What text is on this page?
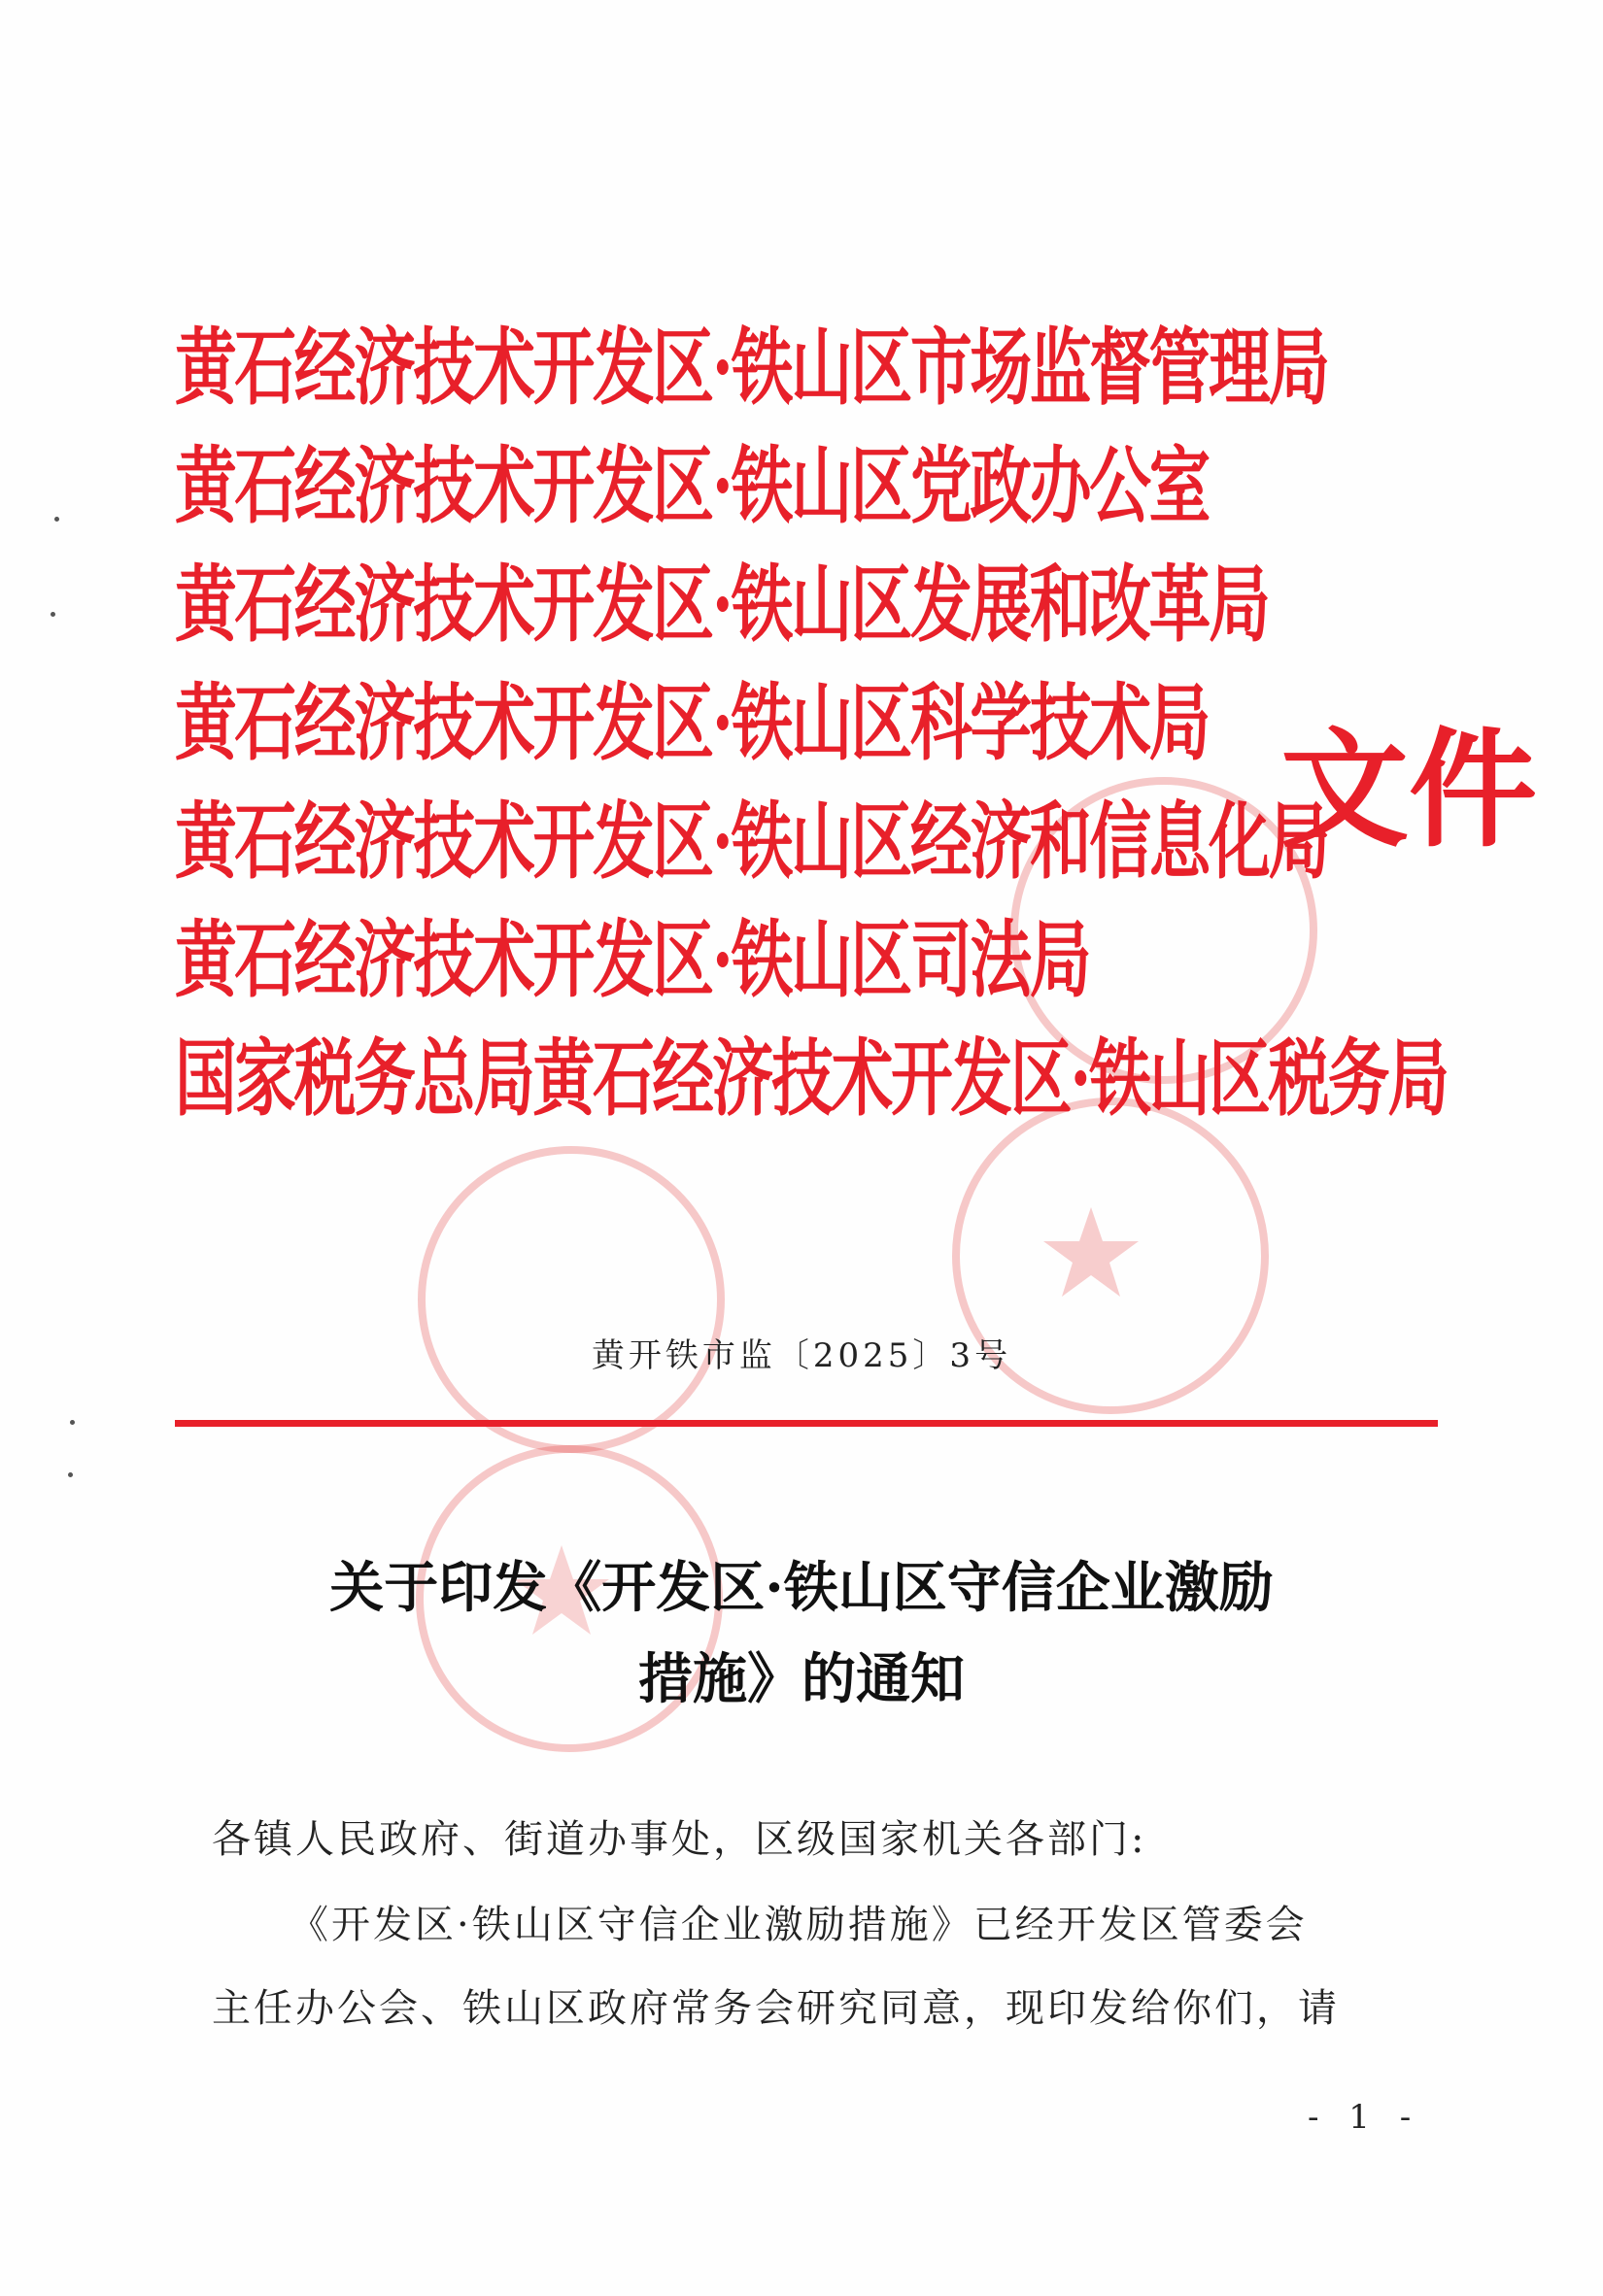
黄石经济技术开发区·铁山区市场监督管理局
黄石经济技术开发区·铁山区党政办公室
黄石经济技术开发区·铁山区发展和改革局
黄石经济技术开发区·铁山区科学技术局
黄石经济技术开发区·铁山区经济和信息化局
黄石经济技术开发区·铁山区司法局
国家税务总局黄石经济技术开发区·铁山区税务局
文件
黄开铁市监〔2025〕3号
关于印发《开发区·铁山区守信企业激励
措施》的通知
各镇人民政府、街道办事处，区级国家机关各部门:
《开发区·铁山区守信企业激励措施》已经开发区管委会
主任办公会、铁山区政府常务会研究同意，现印发给你们，请
- 1 -
